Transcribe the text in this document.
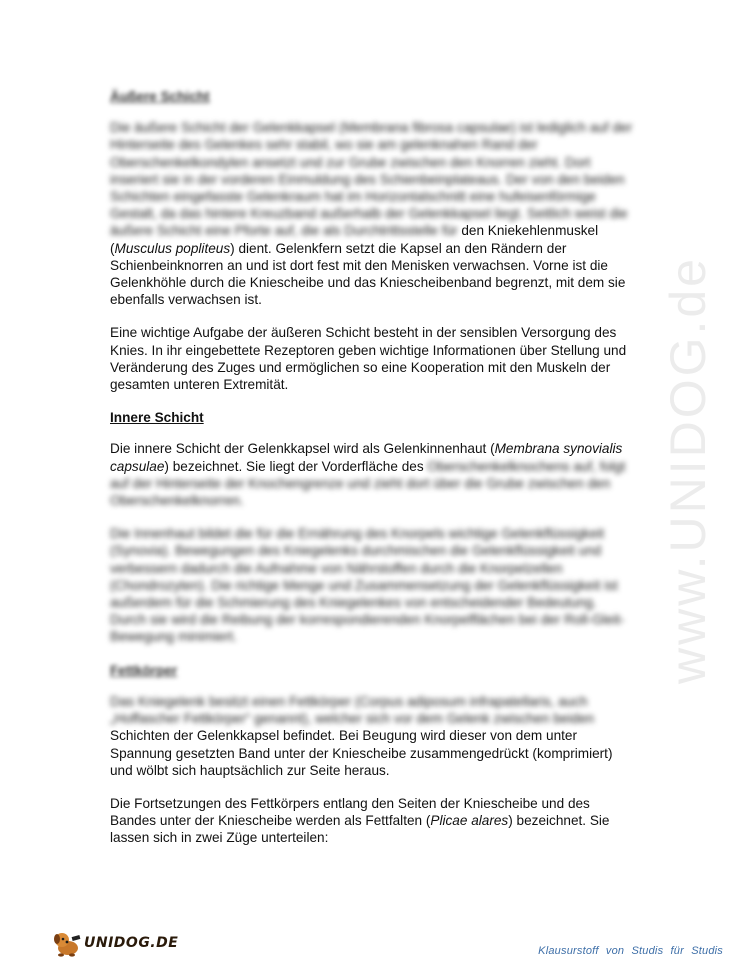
www.UNIDOG.de
Äußere Schicht
Die äußere Schicht der Gelenkkapsel (Membrana fibrosa capsulae) ist lediglich auf der Hinterseite des Gelenkes sehr stabil, wo sie am gelenknahen Rand der Oberschenkelkondylen ansetzt und zur Grube zwischen den Knorren zieht. Dort inseriert sie in der vorderen Einmuldung des Schienbeinplateaus. Der von den beiden Schichten eingefasste Gelenkraum hat im Horizontalschnitt eine hufeisenförmige Gestalt, da das hintere Kreuzband außerhalb der Gelenkkapsel liegt. Seitlich weist die äußere Schicht eine Pforte auf, die als Durchtrittsstelle für den Kniekehlenmuskel (Musculus popliteus) dient. Gelenkfern setzt die Kapsel an den Rändern der Schienbeinknorren an und ist dort fest mit den Menisken verwachsen. Vorne ist die Gelenkhöhle durch die Kniescheibe und das Kniescheibenband begrenzt, mit dem sie ebenfalls verwachsen ist.
Eine wichtige Aufgabe der äußeren Schicht besteht in der sensiblen Versorgung des Knies. In ihr eingebettete Rezeptoren geben wichtige Informationen über Stellung und Veränderung des Zuges und ermöglichen so eine Kooperation mit den Muskeln der gesamten unteren Extremität.
Innere Schicht
Die innere Schicht der Gelenkkapsel wird als Gelenkinnenhaut (Membrana synovialis capsulae) bezeichnet. Sie liegt der Vorderfläche des Oberschenkelknochens auf, folgt auf der Hinterseite der Knochengrenze und zieht dort über die Grube zwischen den Oberschenkelknorren.
Die Innenhaut bildet die für die Ernährung des Knorpels wichtige Gelenkflüssigkeit (Synovia). Bewegungen des Kniegelenks durchmischen die Gelenkflüssigkeit und verbessern dadurch die Aufnahme von Nährstoffen durch die Knorpelzellen (Chondrozyten). Die richtige Menge und Zusammensetzung der Gelenkflüssigkeit ist außerdem für die Schmierung des Kniegelenkes von entscheidender Bedeutung. Durch sie wird die Reibung der korrespondierenden Knorpelflächen bei der Roll-Gleit-Bewegung minimiert.
Fettkörper
Das Kniegelenk besitzt einen Fettkörper (Corpus adiposum infrapatellaris, auch „Hoffascher Fettkörper“ genannt), welcher sich vor dem Gelenk zwischen beiden Schichten der Gelenkkapsel befindet. Bei Beugung wird dieser von dem unter Spannung gesetzten Band unter der Kniescheibe zusammengedrückt (komprimiert) und wölbt sich hauptsächlich zur Seite heraus.
Die Fortsetzungen des Fettkörpers entlang den Seiten der Kniescheibe und des Bandes unter der Kniescheibe werden als Fettfalten (Plicae alares) bezeichnet. Sie lassen sich in zwei Züge unterteilen:
UNIDOG.DE	Klausurstoff von Studis für Studis
